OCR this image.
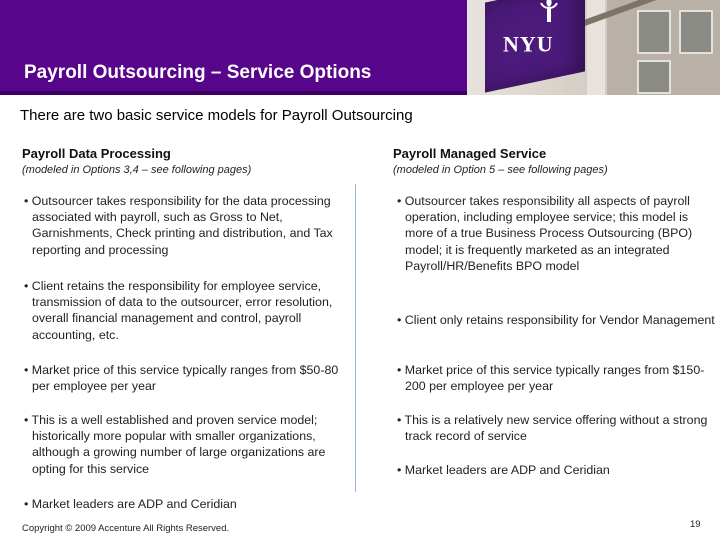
Payroll Outsourcing – Service Options
NYU
There are two basic service models for Payroll Outsourcing
Payroll Data Processing
(modeled in Options 3,4 – see following pages)
Payroll Managed Service
(modeled in Option 5 – see following pages)
• Outsourcer takes responsibility for the data processing associated with payroll, such as Gross to Net, Garnishments, Check printing and distribution, and Tax reporting and processing
• Client retains the responsibility for employee service, transmission of data to the outsourcer, error resolution, overall financial management and control, payroll accounting, etc.
• Market price of this service typically ranges from $50-80 per employee per year
• This is a well established and proven service model; historically more popular with smaller organizations, although a growing number of large organizations are opting for this service
• Market leaders are ADP and Ceridian
• Outsourcer takes responsibility all aspects of payroll operation, including employee service; this model is more of a true Business Process Outsourcing (BPO) model; it is frequently marketed as an integrated Payroll/HR/Benefits BPO model
• Client only retains responsibility for Vendor Management
• Market price of this service typically ranges from $150-200 per employee per year
• This is a relatively new service offering without a strong track record of service
• Market leaders are ADP and Ceridian
Copyright © 2009 Accenture All Rights Reserved.	19
